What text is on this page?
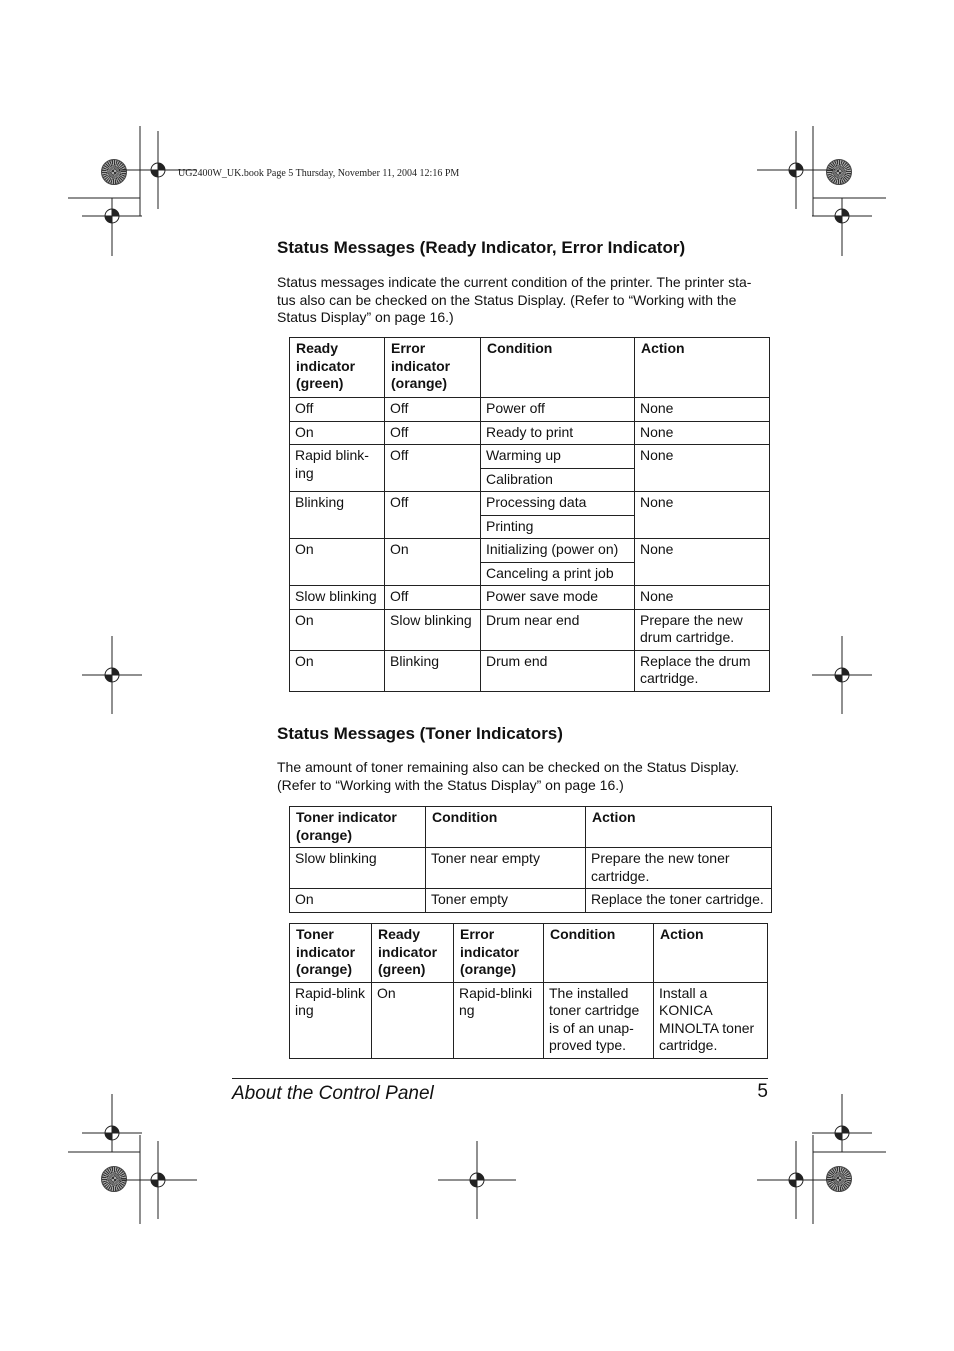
UG2400W_UK.book Page 5 Thursday, November 11, 2004 12:16 PM
Status Messages (Ready Indicator, Error Indicator)
Status messages indicate the current condition of the printer. The printer sta-
tus also can be checked on the Status Display. (Refer to “Working with the
Status Display” on page 16.)
Ready
indicator
(green)	Error
indicator
(orange)	Condition	Action
Off	Off	Power off	None
On	Off	Ready to print	None
Rapid blink-ing	Off	Warming up	None
		Calibration	
Blinking	Off	Processing data	None
		Printing	
On	On	Initializing (power on)	None
		Canceling a print job	
Slow blinking	Off	Power save mode	None
On	Slow blinking	Drum near end	Prepare the new drum cartridge.
On	Blinking	Drum end	Replace the drum cartridge.
Status Messages (Toner Indicators)
The amount of toner remaining also can be checked on the Status Display.
(Refer to “Working with the Status Display” on page 16.)
Toner indicator (orange)	Condition	Action
Slow blinking	Toner near empty	Prepare the new toner cartridge.
On	Toner empty	Replace the toner cartridge.
Toner indicator (orange)	Ready indicator (green)	Error indicator (orange)	Condition	Action
Rapid-blinking	On	Rapid-blinking	The installed toner cartridge is of an unap-proved type.	Install a KONICA MINOLTA toner cartridge.
About the Control Panel	5
